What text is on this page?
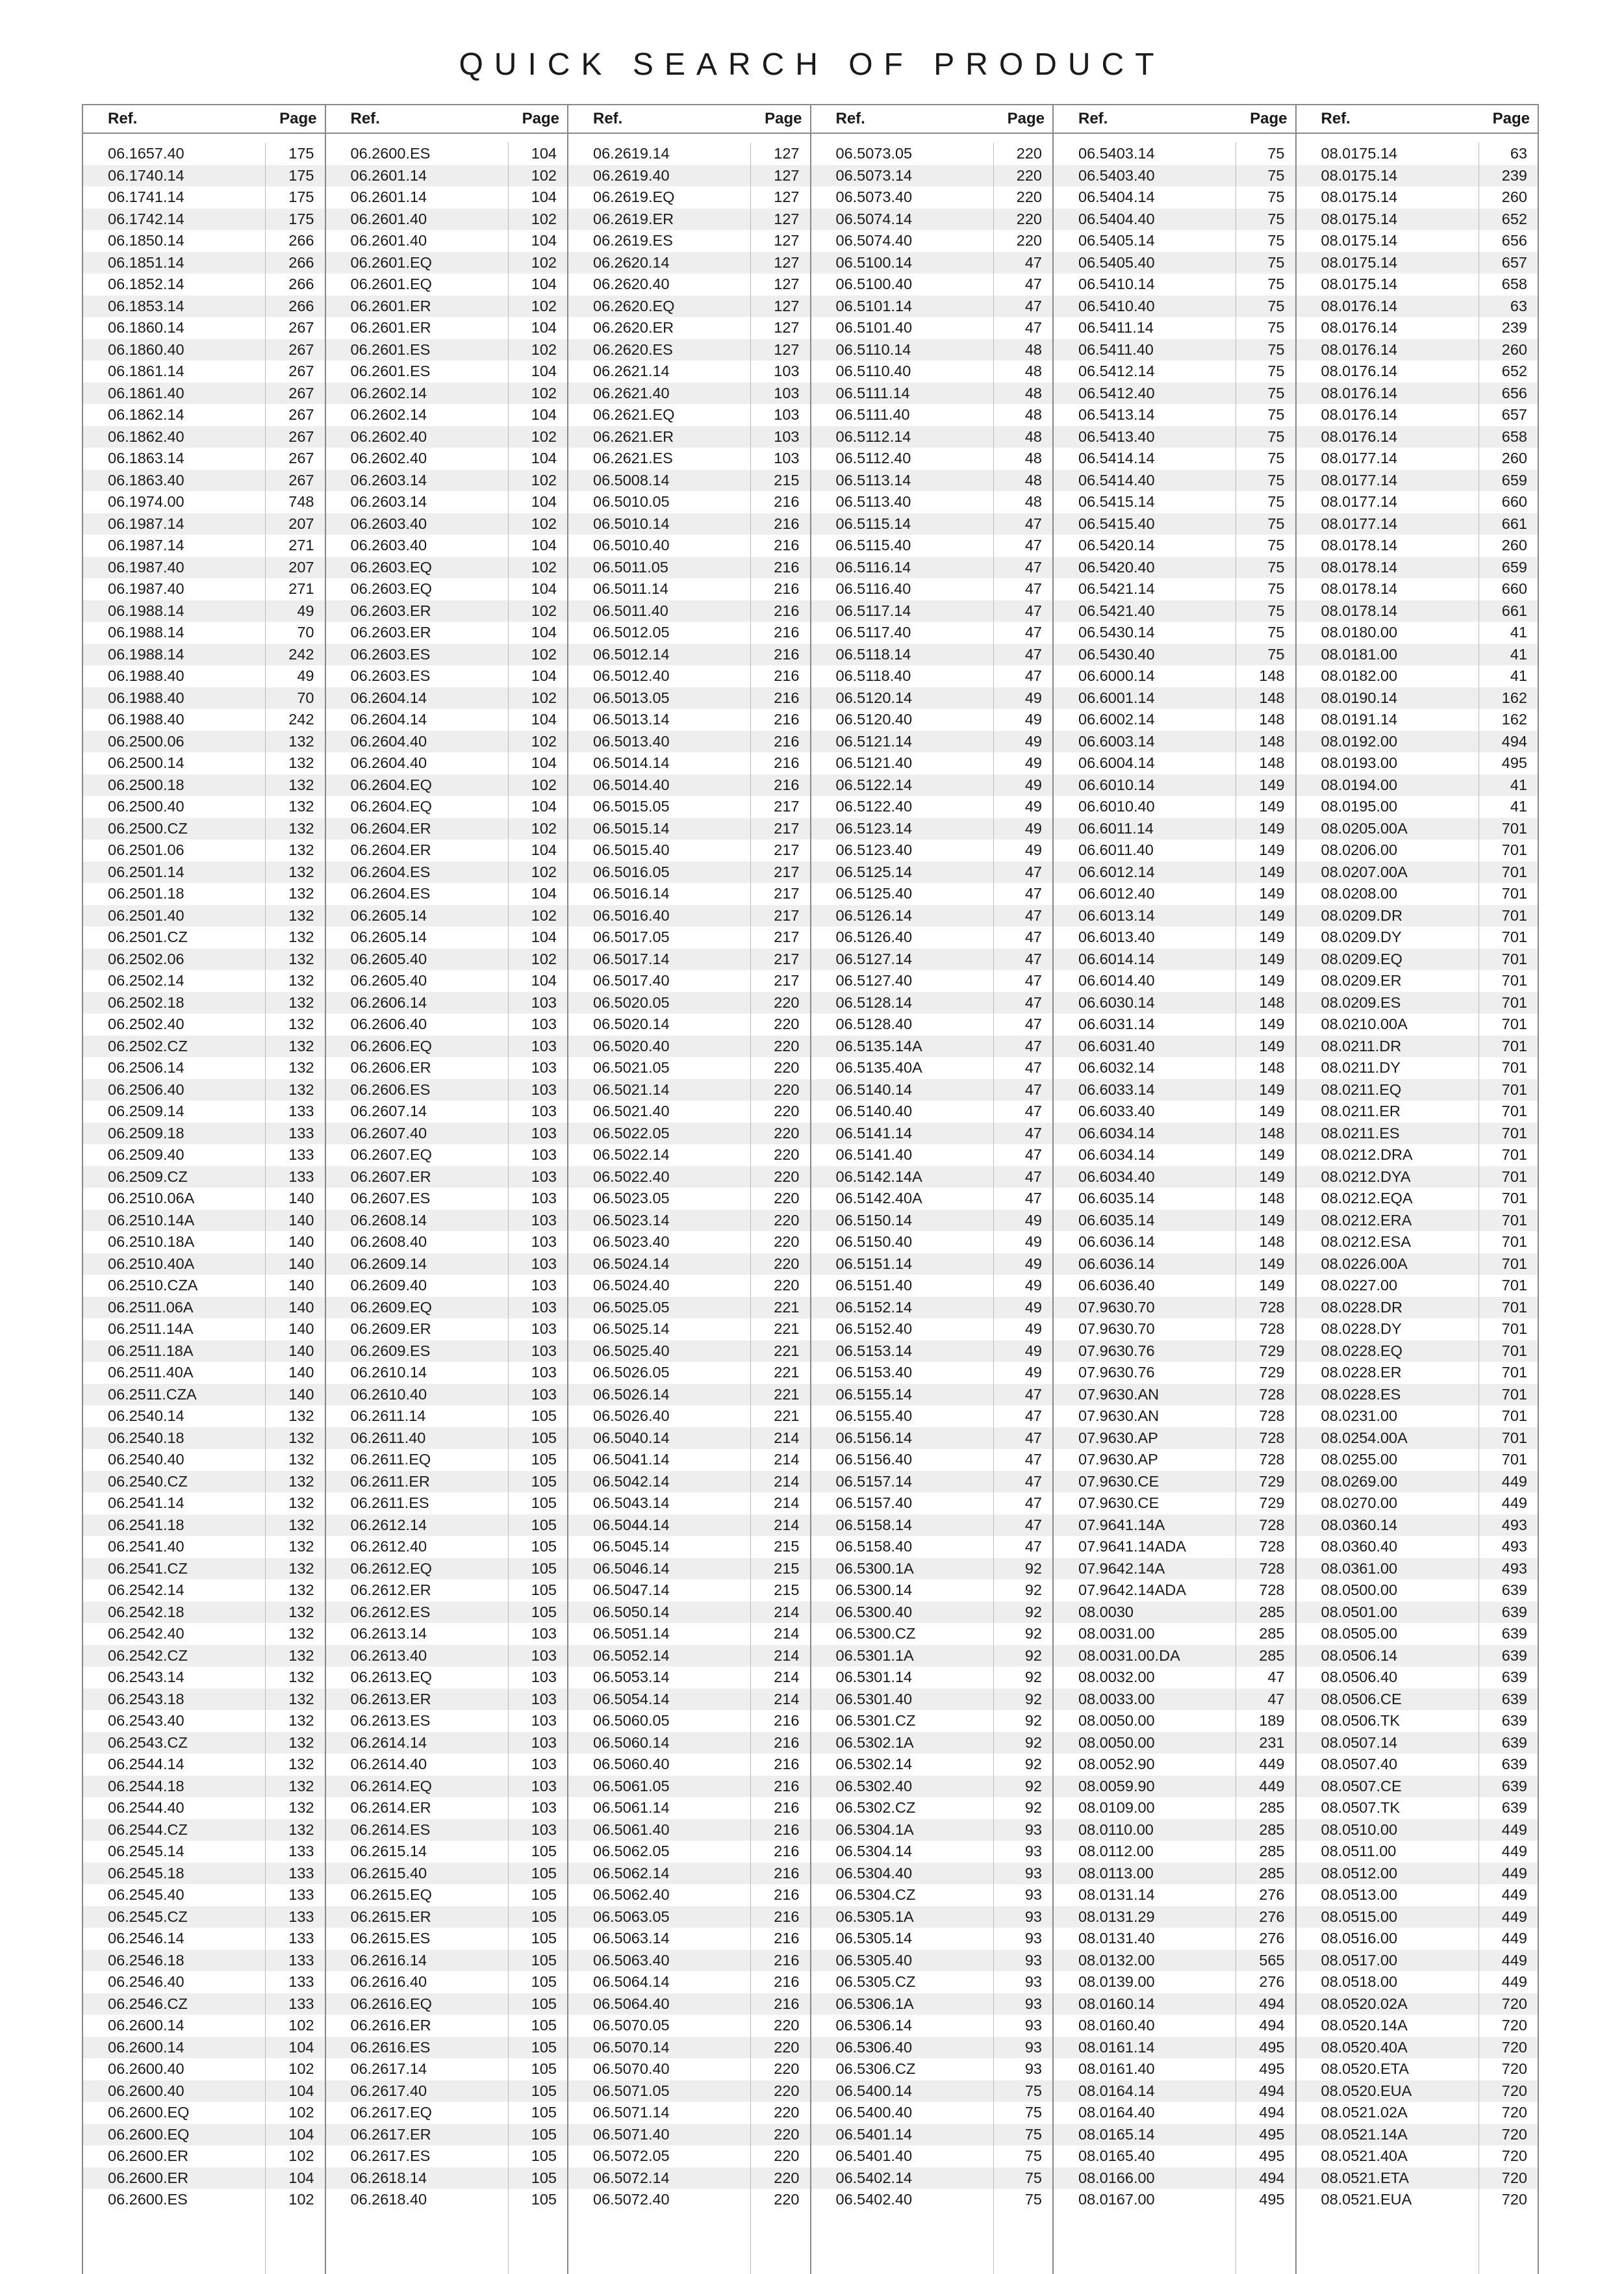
QUICK SEARCH OF PRODUCT
Ref.	Page
06.1657.40	175
06.1740.14	175
06.1741.14	175
06.1742.14	175
06.1850.14	266
06.1851.14	266
06.1852.14	266
06.1853.14	266
06.1860.14	267
06.1860.40	267
06.1861.14	267
06.1861.40	267
06.1862.14	267
06.1862.40	267
06.1863.14	267
06.1863.40	267
06.1974.00	748
06.1987.14	207
06.1987.14	271
06.1987.40	207
06.1987.40	271
06.1988.14	49
06.1988.14	70
06.1988.14	242
06.1988.40	49
06.1988.40	70
06.1988.40	242
06.2500.06	132
06.2500.14	132
06.2500.18	132
06.2500.40	132
06.2500.CZ	132
06.2501.06	132
06.2501.14	132
06.2501.18	132
06.2501.40	132
06.2501.CZ	132
06.2502.06	132
06.2502.14	132
06.2502.18	132
06.2502.40	132
06.2502.CZ	132
06.2506.14	132
06.2506.40	132
06.2509.14	133
06.2509.18	133
06.2509.40	133
06.2509.CZ	133
06.2510.06A	140
06.2510.14A	140
06.2510.18A	140
06.2510.40A	140
06.2510.CZA	140
06.2511.06A	140
06.2511.14A	140
06.2511.18A	140
06.2511.40A	140
06.2511.CZA	140
06.2540.14	132
06.2540.18	132
06.2540.40	132
06.2540.CZ	132
06.2541.14	132
06.2541.18	132
06.2541.40	132
06.2541.CZ	132
06.2542.14	132
06.2542.18	132
06.2542.40	132
06.2542.CZ	132
06.2543.14	132
06.2543.18	132
06.2543.40	132
06.2543.CZ	132
06.2544.14	132
06.2544.18	132
06.2544.40	132
06.2544.CZ	132
06.2545.14	133
06.2545.18	133
06.2545.40	133
06.2545.CZ	133
06.2546.14	133
06.2546.18	133
06.2546.40	133
06.2546.CZ	133
06.2600.14	102
06.2600.14	104
06.2600.40	102
06.2600.40	104
06.2600.EQ	102
06.2600.EQ	104
06.2600.ER	102
06.2600.ER	104
06.2600.ES	102
Ref.	Page
06.2600.ES	104
06.2601.14	102
06.2601.14	104
06.2601.40	102
06.2601.40	104
06.2601.EQ	102
06.2601.EQ	104
06.2601.ER	102
06.2601.ER	104
06.2601.ES	102
06.2601.ES	104
06.2602.14	102
06.2602.14	104
06.2602.40	102
06.2602.40	104
06.2603.14	102
06.2603.14	104
06.2603.40	102
06.2603.40	104
06.2603.EQ	102
06.2603.EQ	104
06.2603.ER	102
06.2603.ER	104
06.2603.ES	102
06.2603.ES	104
06.2604.14	102
06.2604.14	104
06.2604.40	102
06.2604.40	104
06.2604.EQ	102
06.2604.EQ	104
06.2604.ER	102
06.2604.ER	104
06.2604.ES	102
06.2604.ES	104
06.2605.14	102
06.2605.14	104
06.2605.40	102
06.2605.40	104
06.2606.14	103
06.2606.40	103
06.2606.EQ	103
06.2606.ER	103
06.2606.ES	103
06.2607.14	103
06.2607.40	103
06.2607.EQ	103
06.2607.ER	103
06.2607.ES	103
06.2608.14	103
06.2608.40	103
06.2609.14	103
06.2609.40	103
06.2609.EQ	103
06.2609.ER	103
06.2609.ES	103
06.2610.14	103
06.2610.40	103
06.2611.14	105
06.2611.40	105
06.2611.EQ	105
06.2611.ER	105
06.2611.ES	105
06.2612.14	105
06.2612.40	105
06.2612.EQ	105
06.2612.ER	105
06.2612.ES	105
06.2613.14	103
06.2613.40	103
06.2613.EQ	103
06.2613.ER	103
06.2613.ES	103
06.2614.14	103
06.2614.40	103
06.2614.EQ	103
06.2614.ER	103
06.2614.ES	103
06.2615.14	105
06.2615.40	105
06.2615.EQ	105
06.2615.ER	105
06.2615.ES	105
06.2616.14	105
06.2616.40	105
06.2616.EQ	105
06.2616.ER	105
06.2616.ES	105
06.2617.14	105
06.2617.40	105
06.2617.EQ	105
06.2617.ER	105
06.2617.ES	105
06.2618.14	105
06.2618.40	105
Ref.	Page
06.2619.14	127
06.2619.40	127
06.2619.EQ	127
06.2619.ER	127
06.2619.ES	127
06.2620.14	127
06.2620.40	127
06.2620.EQ	127
06.2620.ER	127
06.2620.ES	127
06.2621.14	103
06.2621.40	103
06.2621.EQ	103
06.2621.ER	103
06.2621.ES	103
06.5008.14	215
06.5010.05	216
06.5010.14	216
06.5010.40	216
06.5011.05	216
06.5011.14	216
06.5011.40	216
06.5012.05	216
06.5012.14	216
06.5012.40	216
06.5013.05	216
06.5013.14	216
06.5013.40	216
06.5014.14	216
06.5014.40	216
06.5015.05	217
06.5015.14	217
06.5015.40	217
06.5016.05	217
06.5016.14	217
06.5016.40	217
06.5017.05	217
06.5017.14	217
06.5017.40	217
06.5020.05	220
06.5020.14	220
06.5020.40	220
06.5021.05	220
06.5021.14	220
06.5021.40	220
06.5022.05	220
06.5022.14	220
06.5022.40	220
06.5023.05	220
06.5023.14	220
06.5023.40	220
06.5024.14	220
06.5024.40	220
06.5025.05	221
06.5025.14	221
06.5025.40	221
06.5026.05	221
06.5026.14	221
06.5026.40	221
06.5040.14	214
06.5041.14	214
06.5042.14	214
06.5043.14	214
06.5044.14	214
06.5045.14	215
06.5046.14	215
06.5047.14	215
06.5050.14	214
06.5051.14	214
06.5052.14	214
06.5053.14	214
06.5054.14	214
06.5060.05	216
06.5060.14	216
06.5060.40	216
06.5061.05	216
06.5061.14	216
06.5061.40	216
06.5062.05	216
06.5062.14	216
06.5062.40	216
06.5063.05	216
06.5063.14	216
06.5063.40	216
06.5064.14	216
06.5064.40	216
06.5070.05	220
06.5070.14	220
06.5070.40	220
06.5071.05	220
06.5071.14	220
06.5071.40	220
06.5072.05	220
06.5072.14	220
06.5072.40	220
Ref.	Page
06.5073.05	220
06.5073.14	220
06.5073.40	220
06.5074.14	220
06.5074.40	220
06.5100.14	47
06.5100.40	47
06.5101.14	47
06.5101.40	47
06.5110.14	48
06.5110.40	48
06.5111.14	48
06.5111.40	48
06.5112.14	48
06.5112.40	48
06.5113.14	48
06.5113.40	48
06.5115.14	47
06.5115.40	47
06.5116.14	47
06.5116.40	47
06.5117.14	47
06.5117.40	47
06.5118.14	47
06.5118.40	47
06.5120.14	49
06.5120.40	49
06.5121.14	49
06.5121.40	49
06.5122.14	49
06.5122.40	49
06.5123.14	49
06.5123.40	49
06.5125.14	47
06.5125.40	47
06.5126.14	47
06.5126.40	47
06.5127.14	47
06.5127.40	47
06.5128.14	47
06.5128.40	47
06.5135.14A	47
06.5135.40A	47
06.5140.14	47
06.5140.40	47
06.5141.14	47
06.5141.40	47
06.5142.14A	47
06.5142.40A	47
06.5150.14	49
06.5150.40	49
06.5151.14	49
06.5151.40	49
06.5152.14	49
06.5152.40	49
06.5153.14	49
06.5153.40	49
06.5155.14	47
06.5155.40	47
06.5156.14	47
06.5156.40	47
06.5157.14	47
06.5157.40	47
06.5158.14	47
06.5158.40	47
06.5300.1A	92
06.5300.14	92
06.5300.40	92
06.5300.CZ	92
06.5301.1A	92
06.5301.14	92
06.5301.40	92
06.5301.CZ	92
06.5302.1A	92
06.5302.14	92
06.5302.40	92
06.5302.CZ	92
06.5304.1A	93
06.5304.14	93
06.5304.40	93
06.5304.CZ	93
06.5305.1A	93
06.5305.14	93
06.5305.40	93
06.5305.CZ	93
06.5306.1A	93
06.5306.14	93
06.5306.40	93
06.5306.CZ	93
06.5400.14	75
06.5400.40	75
06.5401.14	75
06.5401.40	75
06.5402.14	75
06.5402.40	75
Ref.	Page
06.5403.14	75
06.5403.40	75
06.5404.14	75
06.5404.40	75
06.5405.14	75
06.5405.40	75
06.5410.14	75
06.5410.40	75
06.5411.14	75
06.5411.40	75
06.5412.14	75
06.5412.40	75
06.5413.14	75
06.5413.40	75
06.5414.14	75
06.5414.40	75
06.5415.14	75
06.5415.40	75
06.5420.14	75
06.5420.40	75
06.5421.14	75
06.5421.40	75
06.5430.14	75
06.5430.40	75
06.6000.14	148
06.6001.14	148
06.6002.14	148
06.6003.14	148
06.6004.14	148
06.6010.14	149
06.6010.40	149
06.6011.14	149
06.6011.40	149
06.6012.14	149
06.6012.40	149
06.6013.14	149
06.6013.40	149
06.6014.14	149
06.6014.40	149
06.6030.14	148
06.6031.14	149
06.6031.40	149
06.6032.14	148
06.6033.14	149
06.6033.40	149
06.6034.14	148
06.6034.14	149
06.6034.40	149
06.6035.14	148
06.6035.14	149
06.6036.14	148
06.6036.14	149
06.6036.40	149
07.9630.70	728
07.9630.70	728
07.9630.76	729
07.9630.76	729
07.9630.AN	728
07.9630.AN	728
07.9630.AP	728
07.9630.AP	728
07.9630.CE	729
07.9630.CE	729
07.9641.14A	728
07.9641.14ADA	728
07.9642.14A	728
07.9642.14ADA	728
08.0030	285
08.0031.00	285
08.0031.00.DA	285
08.0032.00	47
08.0033.00	47
08.0050.00	189
08.0050.00	231
08.0052.90	449
08.0059.90	449
08.0109.00	285
08.0110.00	285
08.0112.00	285
08.0113.00	285
08.0131.14	276
08.0131.29	276
08.0131.40	276
08.0132.00	565
08.0139.00	276
08.0160.14	494
08.0160.40	494
08.0161.14	495
08.0161.40	495
08.0164.14	494
08.0164.40	494
08.0165.14	495
08.0165.40	495
08.0166.00	494
08.0167.00	495
Ref.	Page
08.0175.14	63
08.0175.14	239
08.0175.14	260
08.0175.14	652
08.0175.14	656
08.0175.14	657
08.0175.14	658
08.0176.14	63
08.0176.14	239
08.0176.14	260
08.0176.14	652
08.0176.14	656
08.0176.14	657
08.0176.14	658
08.0177.14	260
08.0177.14	659
08.0177.14	660
08.0177.14	661
08.0178.14	260
08.0178.14	659
08.0178.14	660
08.0178.14	661
08.0180.00	41
08.0181.00	41
08.0182.00	41
08.0190.14	162
08.0191.14	162
08.0192.00	494
08.0193.00	495
08.0194.00	41
08.0195.00	41
08.0205.00A	701
08.0206.00	701
08.0207.00A	701
08.0208.00	701
08.0209.DR	701
08.0209.DY	701
08.0209.EQ	701
08.0209.ER	701
08.0209.ES	701
08.0210.00A	701
08.0211.DR	701
08.0211.DY	701
08.0211.EQ	701
08.0211.ER	701
08.0211.ES	701
08.0212.DRA	701
08.0212.DYA	701
08.0212.EQA	701
08.0212.ERA	701
08.0212.ESA	701
08.0226.00A	701
08.0227.00	701
08.0228.DR	701
08.0228.DY	701
08.0228.EQ	701
08.0228.ER	701
08.0228.ES	701
08.0231.00	701
08.0254.00A	701
08.0255.00	701
08.0269.00	449
08.0270.00	449
08.0360.14	493
08.0360.40	493
08.0361.00	493
08.0500.00	639
08.0501.00	639
08.0505.00	639
08.0506.14	639
08.0506.40	639
08.0506.CE	639
08.0506.TK	639
08.0507.14	639
08.0507.40	639
08.0507.CE	639
08.0507.TK	639
08.0510.00	449
08.0511.00	449
08.0512.00	449
08.0513.00	449
08.0515.00	449
08.0516.00	449
08.0517.00	449
08.0518.00	449
08.0520.02A	720
08.0520.14A	720
08.0520.40A	720
08.0520.ETA	720
08.0520.EUA	720
08.0521.02A	720
08.0521.14A	720
08.0521.40A	720
08.0521.ETA	720
08.0521.EUA	720
